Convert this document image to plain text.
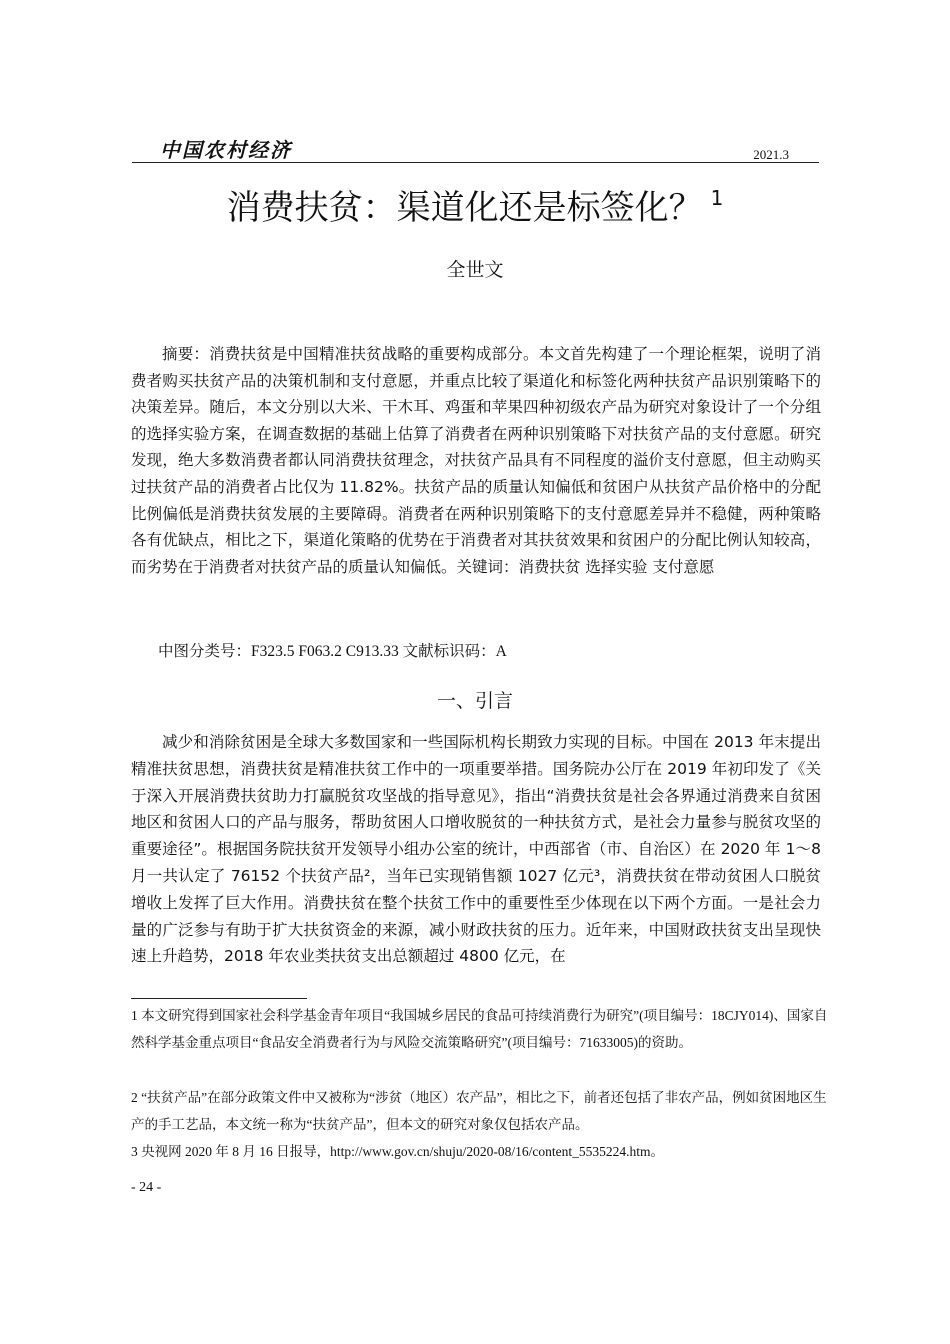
中国农村经济	2021.3
消费扶贫：渠道化还是标签化？ $^1$
全世文
摘要：消费扶贫是中国精准扶贫战略的重要构成部分。本文首先构建了一个理论框架，说明了消费者购买扶贫产品的决策机制和支付意愿，并重点比较了渠道化和标签化两种扶贫产品识别策略下的决策差异。随后，本文分别以大米、干木耳、鸡蛋和苹果四种初级农产品为研究对象设计了一个分组的选择实验方案，在调查数据的基础上估算了消费者在两种识别策略下对扶贫产品的支付意愿。研究发现，绝大多数消费者都认同消费扶贫理念，对扶贫产品具有不同程度的溢价支付意愿，但主动购买过扶贫产品的消费者占比仅为 11.82%。扶贫产品的质量认知偏低和贫困户从扶贫产品价格中的分配比例偏低是消费扶贫发展的主要障碍。消费者在两种识别策略下的支付意愿差异并不稳健，两种策略各有优缺点，相比之下，渠道化策略的优势在于消费者对其扶贫效果和贫困户的分配比例认知较高，而劣势在于消费者对扶贫产品的质量认知偏低。关键词：消费扶贫 选择实验 支付意愿
中图分类号：F323.5 F063.2 C913.33 文献标识码：A
一、引言
减少和消除贫困是全球大多数国家和一些国际机构长期致力实现的目标。中国在 2013 年末提出精准扶贫思想，消费扶贫是精准扶贫工作中的一项重要举措。国务院办公厅在 2019 年初印发了《关于深入开展消费扶贫助力打赢脱贫攻坚战的指导意见》，指出“消费扶贫是社会各界通过消费来自贫困地区和贫困人口的产品与服务，帮助贫困人口增收脱贫的一种扶贫方式，是社会力量参与脱贫攻坚的重要途径”。根据国务院扶贫开发领导小组办公室的统计，中西部省（市、自治区）在 2020 年 1～8 月一共认定了 76152 个扶贫产品²，当年已实现销售额 1027 亿元³，消费扶贫在带动贫困人口脱贫增收上发挥了巨大作用。消费扶贫在整个扶贫工作中的重要性至少体现在以下两个方面。一是社会力量的广泛参与有助于扩大扶贫资金的来源，减小财政扶贫的压力。近年来，中国财政扶贫支出呈现快速上升趋势，2018 年农业类扶贫支出总额超过 4800 亿元，在
1 本文研究得到国家社会科学基金青年项目“我国城乡居民的食品可持续消费行为研究”(项目编号：18CJY014)、国家自然科学基金重点项目“食品安全消费者行为与风险交流策略研究”(项目编号：71633005)的资助。
2 “扶贫产品”在部分政策文件中又被称为“涉贫（地区）农产品”，相比之下，前者还包括了非农产品，例如贫困地区生产的手工艺品，本文统一称为“扶贫产品”，但本文的研究对象仅包括农产品。
3 央视网 2020 年 8 月 16 日报导，http://www.gov.cn/shuju/2020-08/16/content_5535224.htm。
- 24 -
